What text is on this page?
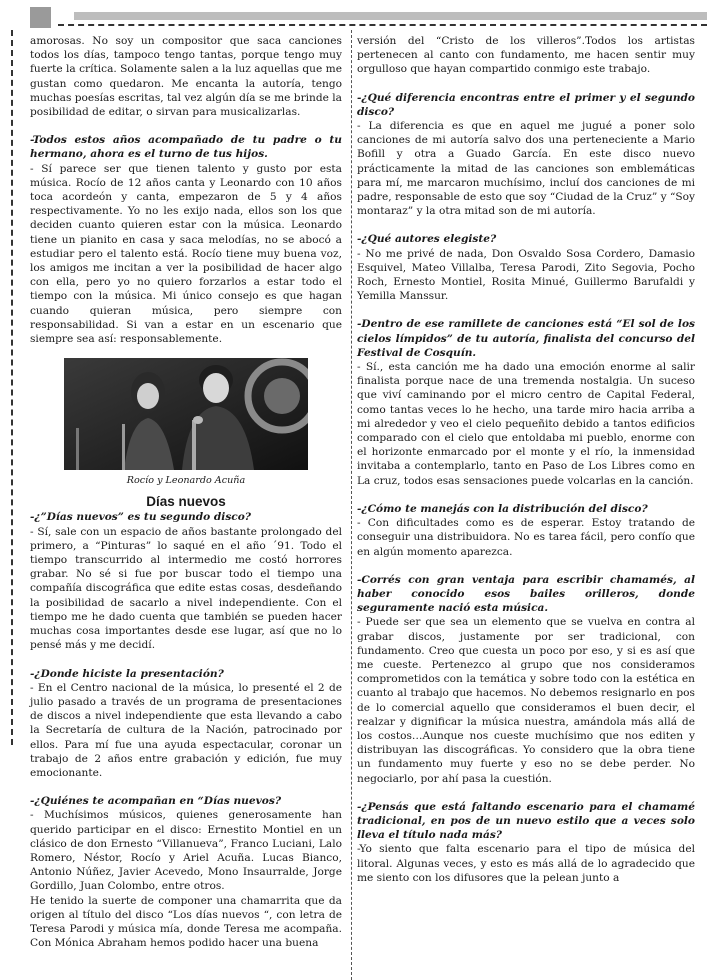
amorosas. No soy un compositor que saca canciones todos los días, tampoco tengo tantas, porque tengo muy fuerte la crítica. Solamente salen a la luz aquellas que me gustan como quedaron. Me encanta la autoría, tengo muchas poesías escritas, tal vez algún día se me brinde la posibilidad de editar, o sirvan para musicalizarlas.

-Todos estos años acompañado de tu padre o tu hermano, ahora es el turno de tus hijos.

- Sí parece ser que tienen talento y gusto por esta música. Rocío de 12 años canta y Leonardo con 10 años toca acordeón y canta, empezaron de 5 y 4 años respectivamente. Yo no les exijo nada, ellos son los que deciden cuanto quieren estar con la música. Leonardo tiene un pianito en casa y saca melodías, no se abocó a estudiar pero el talento está. Rocío tiene muy buena voz, los amigos me incitan a ver la posibilidad de hacer algo con ella, pero yo no quiero forzarlos a estar todo el tiempo con la música. Mi único consejo es que hagan cuando quieran música, pero siempre con responsabilidad. Si van a estar en un escenario que siempre sea así: responsablemente.

Rocío y Leonardo Acuña

Días nuevos

-¿”Días nuevos” es tu segundo disco?

- Sí, sale con un espacio de años bastante prolongado del primero, a “Pinturas” lo saqué en el año ´91. Todo el tiempo transcurrido al intermedio me costó horrores grabar. No sé si fue por buscar todo el tiempo una compañía discográfica que edite estas cosas, desdeñando la posibilidad de sacarlo a nivel independiente. Con el tiempo me he dado cuenta que también se pueden hacer muchas cosa importantes desde ese lugar, así que no lo pensé más y me decidí.

-¿Donde hiciste la presentación?

- En el Centro nacional de la música, lo presenté el 2 de julio pasado a través de un programa de presentaciones de discos a nivel independiente que esta llevando a cabo la Secretaría de cultura de la Nación, patrocinado por ellos. Para mí fue una ayuda espectacular, coronar un trabajo de 2 años entre grabación y edición, fue muy emocionante.

-¿Quiénes te acompañan en “Días nuevos?

- Muchísimos músicos, quienes generosamente han querido participar en el disco: Ernestito Montiel en un clásico de don Ernesto “Villanueva”, Franco Luciani, Lalo Romero, Néstor, Rocío y Ariel Acuña. Lucas Bianco, Antonio Núñez, Javier Acevedo, Mono Insaurralde, Jorge Gordillo, Juan Colombo, entre otros.

He tenido la suerte de componer una chamarrita que da origen al título del disco “Los días nuevos “, con letra de Teresa Parodi y música mía, donde Teresa me acompaña. Con Mónica Abraham hemos podido hacer una buena

versión del “Cristo de los villeros”.Todos los artistas pertenecen al canto con fundamento, me hacen sentir muy orgulloso que hayan compartido conmigo este trabajo.

-¿Qué diferencia encontras entre el primer y el segundo disco?

- La diferencia es que en aquel me jugué a poner solo canciones de mi autoría salvo dos una perteneciente a Mario Bofill y otra a Guado García. En este disco nuevo prácticamente la mitad de las canciones son emblemáticas para mí, me marcaron muchísimo, incluí dos canciones de mi padre, responsable de esto que soy “Ciudad de la Cruz” y “Soy montaraz” y la otra mitad son de mi autoría.

-¿Qué autores elegiste?

- No me privé de nada, Don Osvaldo Sosa Cordero, Damasio Esquivel, Mateo Villalba, Teresa Parodi, Zito Segovia, Pocho Roch, Ernesto Montiel, Rosita Minué, Guillermo Barufaldi y Yemilla Manssur.

-Dentro de ese ramillete de canciones está “El sol de los cielos límpidos” de tu autoría, finalista del concurso del Festival de Cosquín.

- Sí., esta canción me ha dado una emoción enorme al salir finalista porque nace de una tremenda nostalgia. Un suceso que viví caminando por el micro centro de Capital Federal, como tantas veces lo he hecho, una tarde miro hacia arriba a mi alrededor y veo el cielo pequeñito debido a tantos edificios comparado con el cielo que entoldaba mi pueblo, enorme con el horizonte enmarcado por el monte y el río, la inmensidad invitaba a contemplarlo, tanto en Paso de Los Libres como en La cruz, todos esas sensaciones puede volcarlas en la canción.

-¿Cómo te manejás con la distribución del disco?

- Con dificultades como es de esperar. Estoy tratando de conseguir una distribuidora. No es tarea fácil, pero confío que en algún momento aparezca.

-Corrés con gran ventaja para escribir chamamés, al haber conocido esos bailes orilleros, donde seguramente nació esta música.

- Puede ser que sea un elemento que se vuelva en contra al grabar discos, justamente por ser tradicional, con fundamento. Creo que cuesta un poco por eso, y si es así que me cueste. Pertenezco al grupo que nos consideramos comprometidos con la temática y sobre todo con la estética en cuanto al trabajo que hacemos. No debemos resignarlo en pos de lo comercial aquello que consideramos el buen decir, el realzar y dignificar la música nuestra, amándola más allá de los costos…Aunque nos cueste muchísimo que nos editen y distribuyan las discográficas. Yo considero que la obra tiene un fundamento muy fuerte y eso no se debe perder. No negociarlo, por ahí pasa la cuestión.

-¿Pensás que está faltando escenario para el chamamé tradicional, en pos de un nuevo estilo que a veces solo lleva el título nada más?

-Yo siento que falta escenario para el tipo de música del litoral. Algunas veces, y esto es más allá de lo agradecido que me siento con los difusores que la pelean junto a
